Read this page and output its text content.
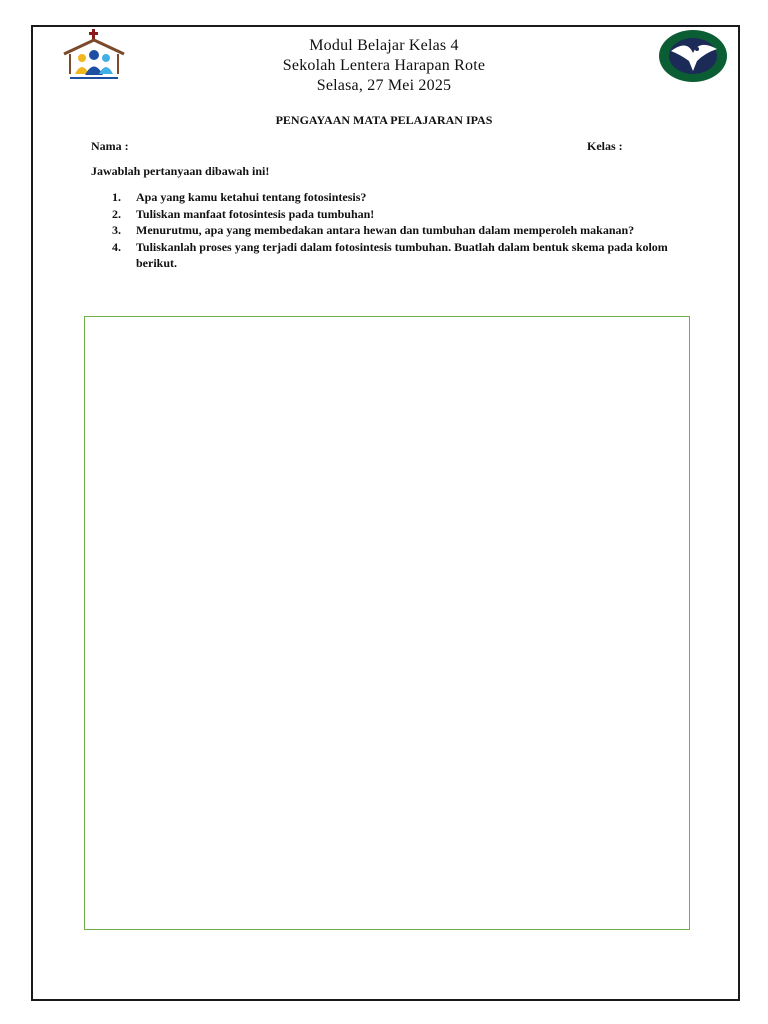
Modul Belajar Kelas 4
Sekolah Lentera Harapan Rote
Selasa, 27 Mei 2025
PENGAYAAN MATA PELAJARAN IPAS
Nama :	Kelas :
Jawablah pertanyaan dibawah ini!
1.	Apa yang kamu ketahui tentang fotosintesis?
2.	Tuliskan manfaat fotosintesis pada tumbuhan!
3.	Menurutmu, apa yang membedakan antara hewan dan tumbuhan dalam memperoleh makanan?
4.	Tuliskanlah proses yang terjadi dalam fotosintesis tumbuhan. Buatlah dalam bentuk skema pada kolom berikut.
